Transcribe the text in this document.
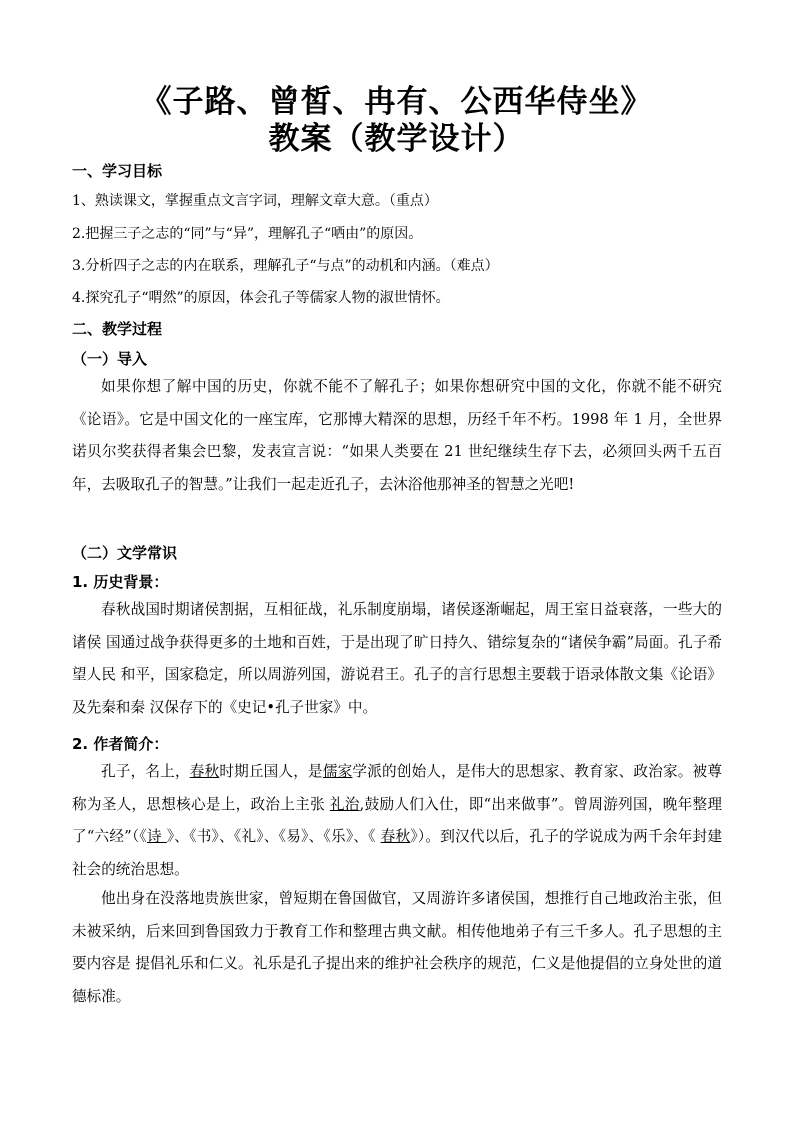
《子路、曾皙、冉有、公西华侍坐》
教案（教学设计）
一、学习目标
1、熟读课文，掌握重点文言字词，理解文章大意。（重点）
2.把握三子之志的“同”与“异”，理解孔子“哂由”的原因。
3.分析四子之志的内在联系，理解孔子“与点”的动机和内涵。（难点）
4.探究孔子“喟然”的原因，体会孔子等儒家人物的淑世情怀。
二、教学过程
（一）导入
如果你想了解中国的历史，你就不能不了解孔子；如果你想研究中国的文化，你就不能不研究《论语》。它是中国文化的一座宝库，它那博大精深的思想，历经千年不朽。1998 年 1 月，全世界诺贝尔奖获得者集会巴黎，发表宣言说：“如果人类要在 21 世纪继续生存下去，必须回头两千五百年，去吸取孔子的智慧。”让我们一起走近孔子，去沐浴他那神圣的智慧之光吧!
（二）文学常识
1. 历史背景：
春秋战国时期诸侯割据，互相征战，礼乐制度崩塌，诸侯逐渐崛起，周王室日益衰落，一些大的诸侯 国通过战争获得更多的土地和百姓，于是出现了旷日持久、错综复杂的“诸侯争霸”局面。孔子希望人民 和平，国家稳定，所以周游列国，游说君王。孔子的言行思想主要载于语录体散文集《论语》及先秦和秦 汉保存下的《史记•孔子世家》中。
2. 作者简介：
孔子，名上，春秋时期丘国人，是儒家学派的创始人，是伟大的思想家、教育家、政治家。被尊称为圣人，思想核心是上，政治上主张 礼治,鼓励人们入仕，即“出来做事”。曾周游列国，晚年整理了“六经”（《诗 》、《书》、《礼》、《易》、《乐》、《 春秋》）。到汉代以后，孔子的学说成为两千余年封建社会的统治思想。
他出身在没落地贵族世家，曾短期在鲁国做官，又周游许多诸侯国，想推行自己地政治主张，但未被采纳，后来回到鲁国致力于教育工作和整理古典文献。相传他地弟子有三千多人。孔子思想的主要内容是 提倡礼乐和仁义。礼乐是孔子提出来的维护社会秩序的规范，仁义是他提倡的立身处世的道德标准。
